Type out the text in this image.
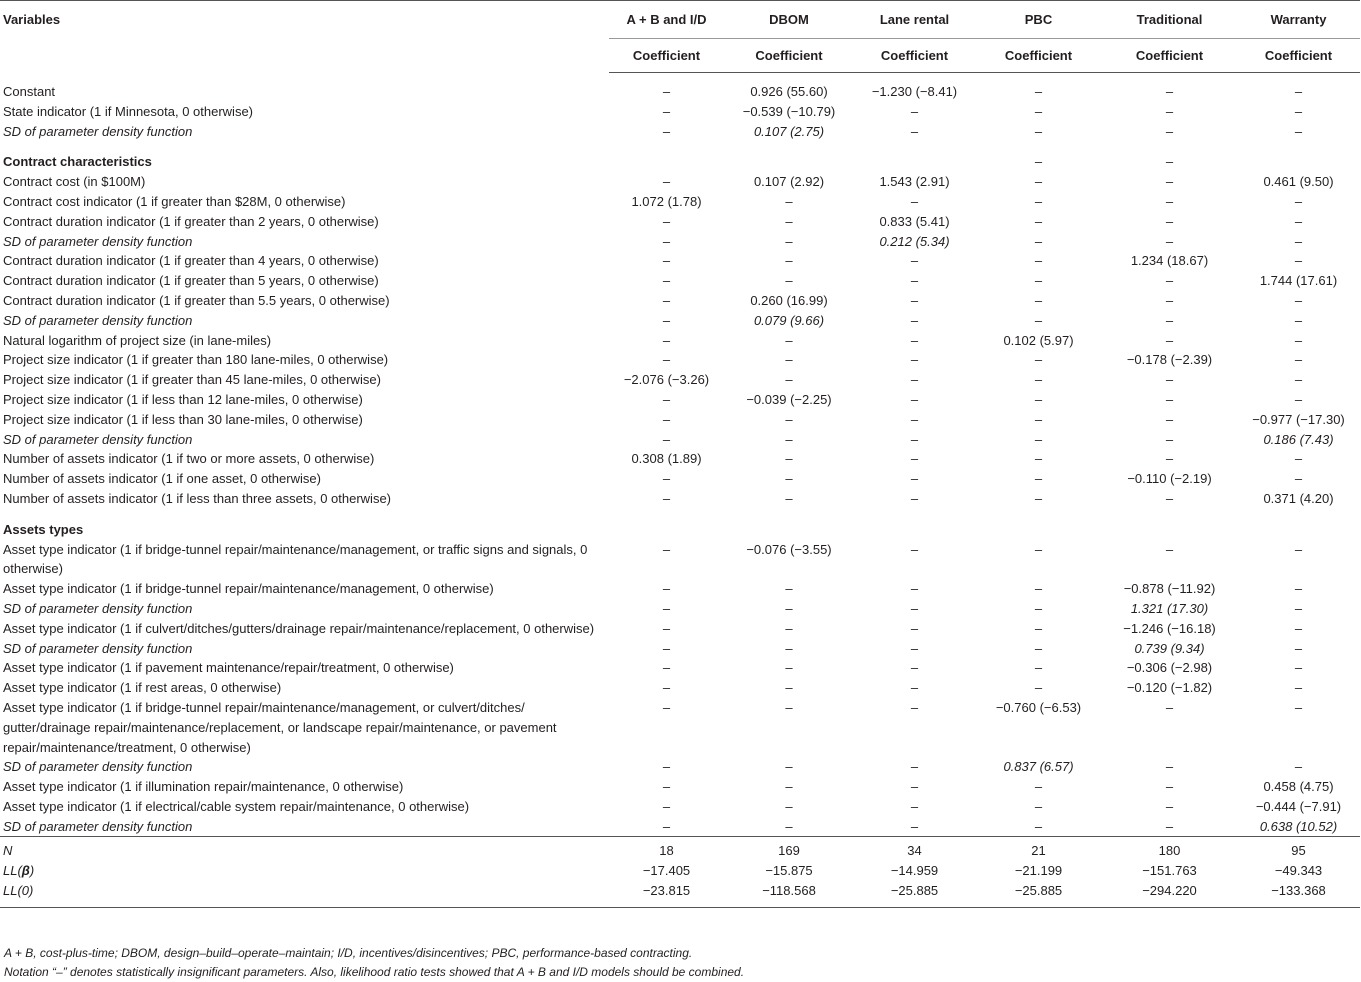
Variables	A + B and I/D	DBOM	Lane rental	PBC	Traditional	Warranty
	Coefficient	Coefficient	Coefficient	Coefficient	Coefficient	Coefficient
Constant	–	0.926 (55.60)	−1.230 (−8.41)	–	–	–
State indicator (1 if Minnesota, 0 otherwise)	–	−0.539 (−10.79)	–	–	–	–
SD of parameter density function	–	0.107 (2.75)	–	–	–	–
Contract characteristics				–	–	
Contract cost (in $100M)	–	0.107 (2.92)	1.543 (2.91)	–	–	0.461 (9.50)
Contract cost indicator (1 if greater than $28M, 0 otherwise)	1.072 (1.78)	–	–	–	–	–
Contract duration indicator (1 if greater than 2 years, 0 otherwise)	–	–	0.833 (5.41)	–	–	–
SD of parameter density function	–	–	0.212 (5.34)	–	–	–
Contract duration indicator (1 if greater than 4 years, 0 otherwise)	–	–	–	–	1.234 (18.67)	–
Contract duration indicator (1 if greater than 5 years, 0 otherwise)	–	–	–	–	–	1.744 (17.61)
Contract duration indicator (1 if greater than 5.5 years, 0 otherwise)	–	0.260 (16.99)	–	–	–	–
SD of parameter density function	–	0.079 (9.66)	–	–	–	–
Natural logarithm of project size (in lane-miles)	–	–	–	0.102 (5.97)	–	–
Project size indicator (1 if greater than 180 lane-miles, 0 otherwise)	–	–	–	–	−0.178 (−2.39)	–
Project size indicator (1 if greater than 45 lane-miles, 0 otherwise)	−2.076 (−3.26)	–	–	–	–	–
Project size indicator (1 if less than 12 lane-miles, 0 otherwise)	–	−0.039 (−2.25)	–	–	–	–
Project size indicator (1 if less than 30 lane-miles, 0 otherwise)	–	–	–	–	–	−0.977 (−17.30)
SD of parameter density function	–	–	–	–	–	0.186 (7.43)
Number of assets indicator (1 if two or more assets, 0 otherwise)	0.308 (1.89)	–	–	–	–	–
Number of assets indicator (1 if one asset, 0 otherwise)	–	–	–	–	−0.110 (−2.19)	–
Number of assets indicator (1 if less than three assets, 0 otherwise)	–	–	–	–	–	0.371 (4.20)
Assets types						
Asset type indicator (1 if bridge-tunnel repair/maintenance/management, or traffic signs and signals, 0 otherwise)	–	−0.076 (−3.55)	–	–	–	–
Asset type indicator (1 if bridge-tunnel repair/maintenance/management, 0 otherwise)	–	–	–	–	−0.878 (−11.92)	–
SD of parameter density function	–	–	–	–	1.321 (17.30)	–
Asset type indicator (1 if culvert/ditches/gutters/drainage repair/maintenance/replacement, 0 otherwise)	–	–	–	–	−1.246 (−16.18)	–
SD of parameter density function	–	–	–	–	0.739 (9.34)	–
Asset type indicator (1 if pavement maintenance/repair/treatment, 0 otherwise)	–	–	–	–	−0.306 (−2.98)	–
Asset type indicator (1 if rest areas, 0 otherwise)	–	–	–	–	−0.120 (−1.82)	–
Asset type indicator (1 if bridge-tunnel repair/maintenance/management, or culvert/ditches/ gutter/drainage repair/maintenance/replacement, or landscape repair/maintenance, or pavement repair/maintenance/treatment, 0 otherwise)	–	–	–	−0.760 (−6.53)	–	–
SD of parameter density function	–	–	–	0.837 (6.57)	–	–
Asset type indicator (1 if illumination repair/maintenance, 0 otherwise)	–	–	–	–	–	0.458 (4.75)
Asset type indicator (1 if electrical/cable system repair/maintenance, 0 otherwise)	–	–	–	–	–	−0.444 (−7.91)
SD of parameter density function	–	–	–	–	–	0.638 (10.52)
N	18	169	34	21	180	95
LL(β)	−17.405	−15.875	−14.959	−21.199	−151.763	−49.343
LL(0)	−23.815	−118.568	−25.885	−25.885	−294.220	−133.368
A + B, cost-plus-time; DBOM, design–build–operate–maintain; I/D, incentives/disincentives; PBC, performance-based contracting.
Notation “–” denotes statistically insignificant parameters. Also, likelihood ratio tests showed that A + B and I/D models should be combined.
